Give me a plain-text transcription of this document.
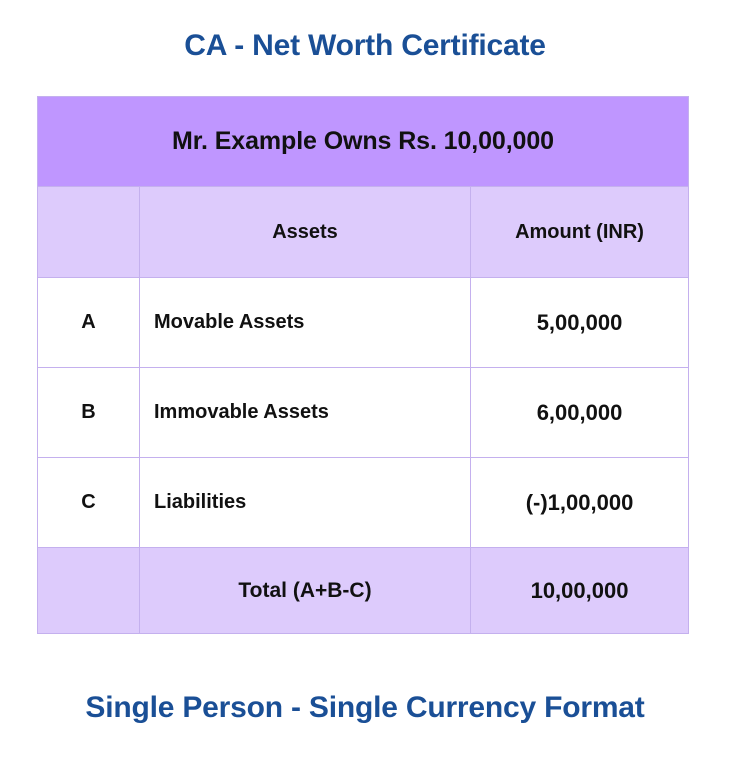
CA - Net Worth Certificate
Mr. Example Owns Rs. 10,00,000		
	Assets	Amount (INR)
A	Movable Assets	5,00,000
B	Immovable Assets	6,00,000
C	Liabilities	(-)1,00,000
	Total (A+B-C)	10,00,000
Single Person - Single Currency Format
